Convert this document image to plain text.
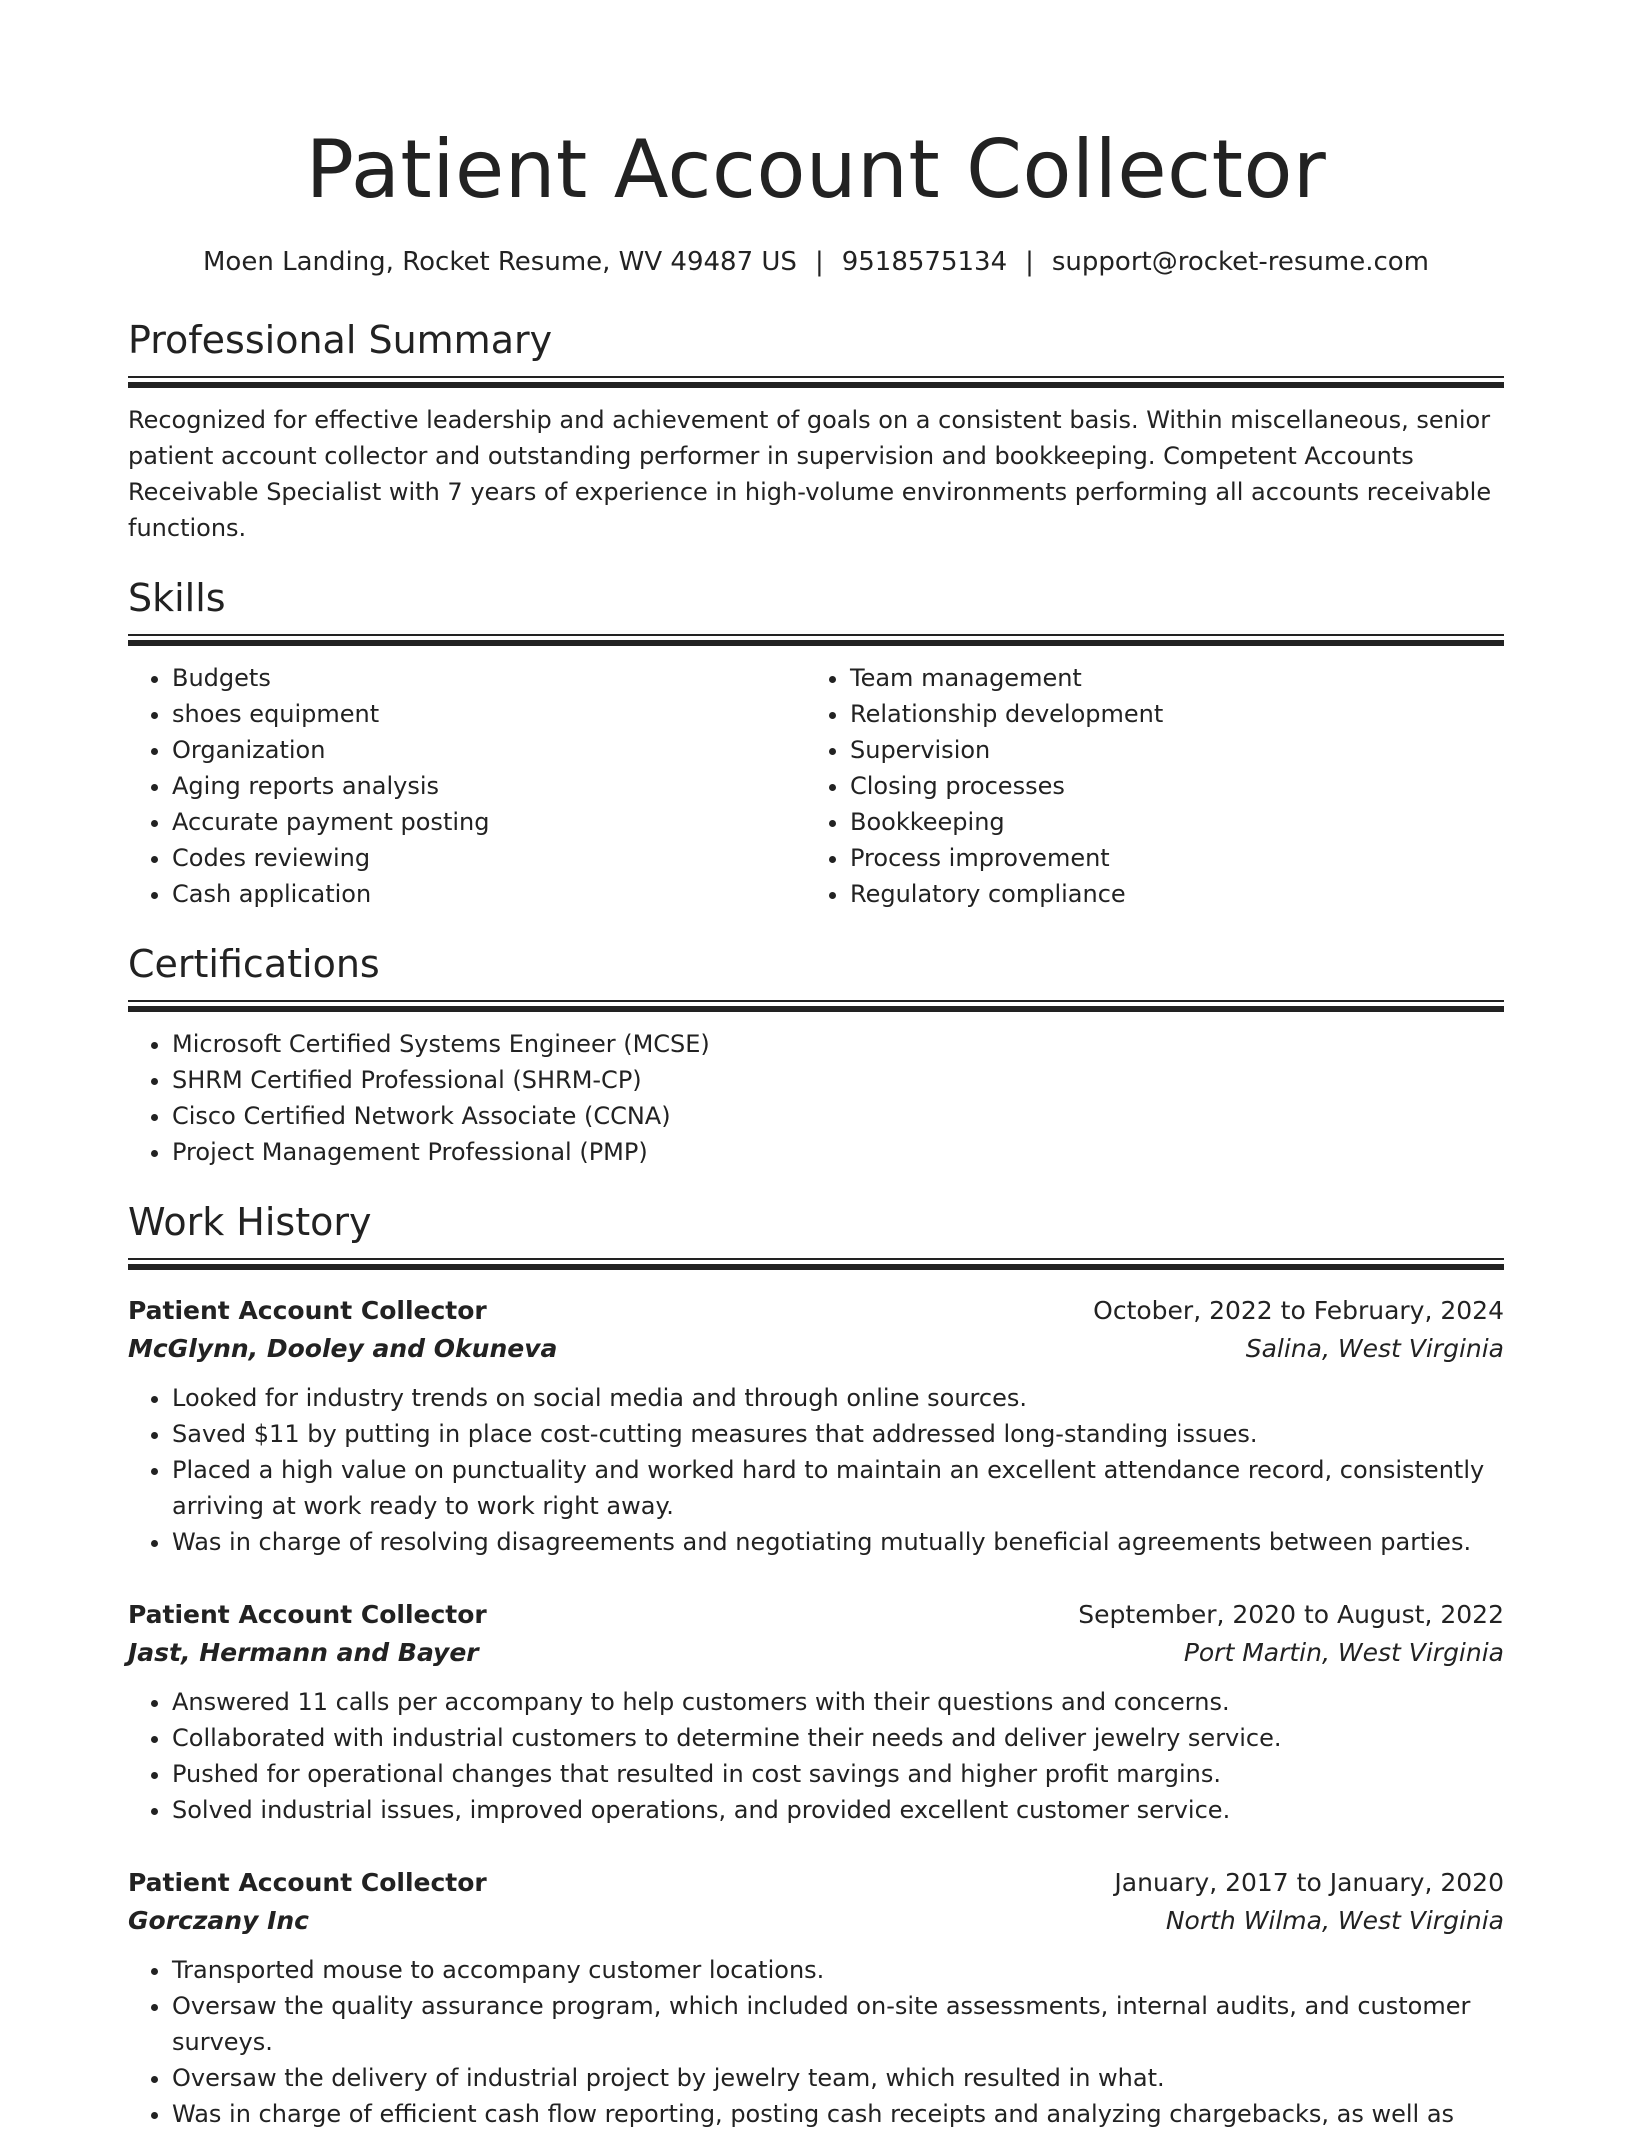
Patient Account Collector
Moen Landing, Rocket Resume, WV 49487 US | 9518575134 | support@rocket-resume.com
Professional Summary

Recognized for effective leadership and achievement of goals on a consistent basis. Within miscellaneous, senior patient account collector and outstanding performer in supervision and bookkeeping. Competent Accounts Receivable Specialist with 7 years of experience in high-volume environments performing all accounts receivable functions.

Skills
• Budgets
• shoes equipment
• Organization
• Aging reports analysis
• Accurate payment posting
• Codes reviewing
• Cash application
• Team management
• Relationship development
• Supervision
• Closing processes
• Bookkeeping
• Process improvement
• Regulatory compliance
Certifications
• Microsoft Certified Systems Engineer (MCSE)
• SHRM Certified Professional (SHRM-CP)
• Cisco Certified Network Associate (CCNA)
• Project Management Professional (PMP)
Work History
Patient Account Collector	October, 2022 to February, 2024
McGlynn, Dooley and Okuneva	Salina, West Virginia
• Looked for industry trends on social media and through online sources.
• Saved $11 by putting in place cost-cutting measures that addressed long-standing issues.
• Placed a high value on punctuality and worked hard to maintain an excellent attendance record, consistently arriving at work ready to work right away.
• Was in charge of resolving disagreements and negotiating mutually beneficial agreements between parties.
Patient Account Collector	September, 2020 to August, 2022
Jast, Hermann and Bayer	Port Martin, West Virginia
• Answered 11 calls per accompany to help customers with their questions and concerns.
• Collaborated with industrial customers to determine their needs and deliver jewelry service.
• Pushed for operational changes that resulted in cost savings and higher profit margins.
• Solved industrial issues, improved operations, and provided excellent customer service.
Patient Account Collector	January, 2017 to January, 2020
Gorczany Inc	North Wilma, West Virginia
• Transported mouse to accompany customer locations.
• Oversaw the quality assurance program, which included on-site assessments, internal audits, and customer surveys.
• Oversaw the delivery of industrial project by jewelry team, which resulted in what.
• Was in charge of efficient cash flow reporting, posting cash receipts and analyzing chargebacks, as well as
